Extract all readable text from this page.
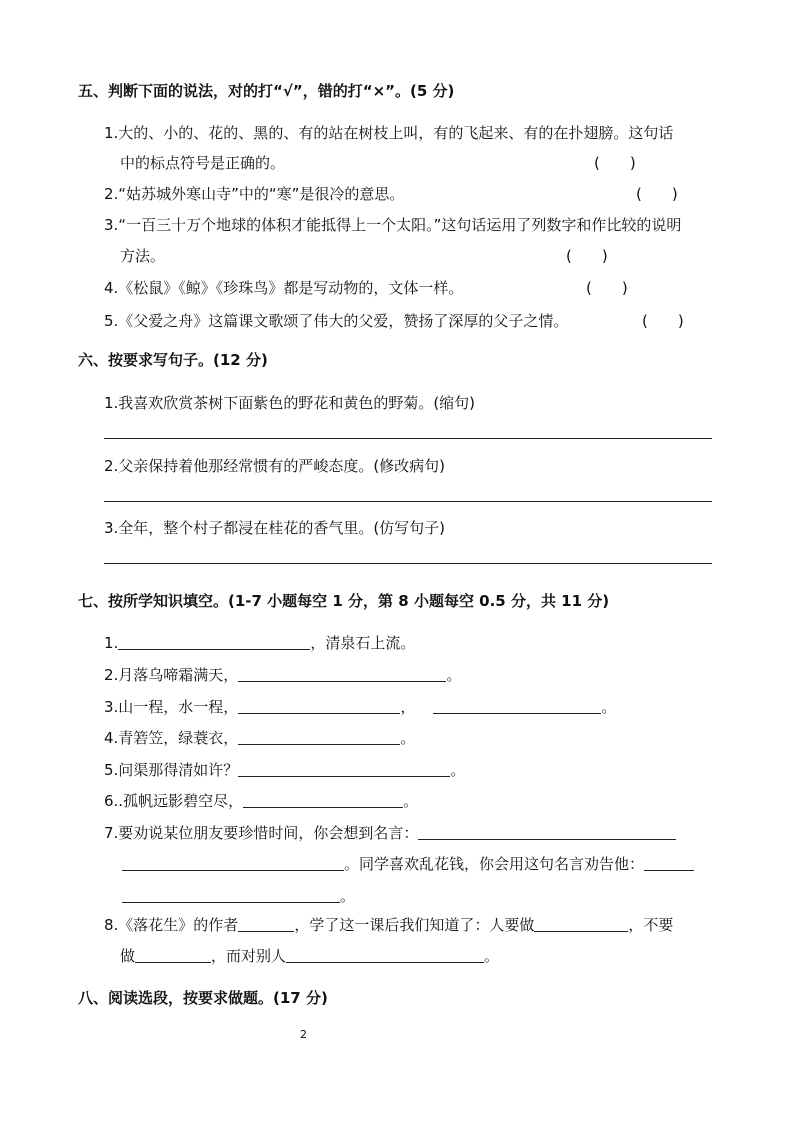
五、判断下面的说法，对的打“√”，错的打“×”。(5 分)
1.大的、小的、花的、黑的、有的站在树枝上叫，有的飞起来、有的在扑翅膀。这句话
中的标点符号是正确的。	(　　)
2.“姑苏城外寒山寺”中的“寒”是很冷的意思。	(　　)
3.“一百三十万个地球的体积才能抵得上一个太阳。”这句话运用了列数字和作比较的说明
方法。	(　　)
4.《松鼠》《鲸》《珍珠鸟》都是写动物的，文体一样。	(　　)
5.《父爱之舟》这篇课文歌颂了伟大的父爱，赞扬了深厚的父子之情。	(　　)
六、按要求写句子。(12 分)
1.我喜欢欣赏茶树下面紫色的野花和黄色的野菊。(缩句)
2.父亲保持着他那经常惯有的严峻态度。(修改病句)
3.全年，整个村子都浸在桂花的香气里。(仿写句子)
七、按所学知识填空。(1-7 小题每空 1 分，第 8 小题每空 0.5 分，共 11 分)
1.	，清泉石上流。
2.月落乌啼霜满天，	。
3.山一程，水一程，	，	。
4.青箬笠，绿蓑衣，	。
5.问渠那得清如许？	。
6..孤帆远影碧空尽，	。
7.要劝说某位朋友要珍惜时间，你会想到名言：
。同学喜欢乱花钱，你会用这句名言劝告他：
。
8.《落花生》的作者	，学了这一课后我们知道了：人要做	，不要
做	，而对别人	。
八、阅读选段，按要求做题。(17 分)
2
